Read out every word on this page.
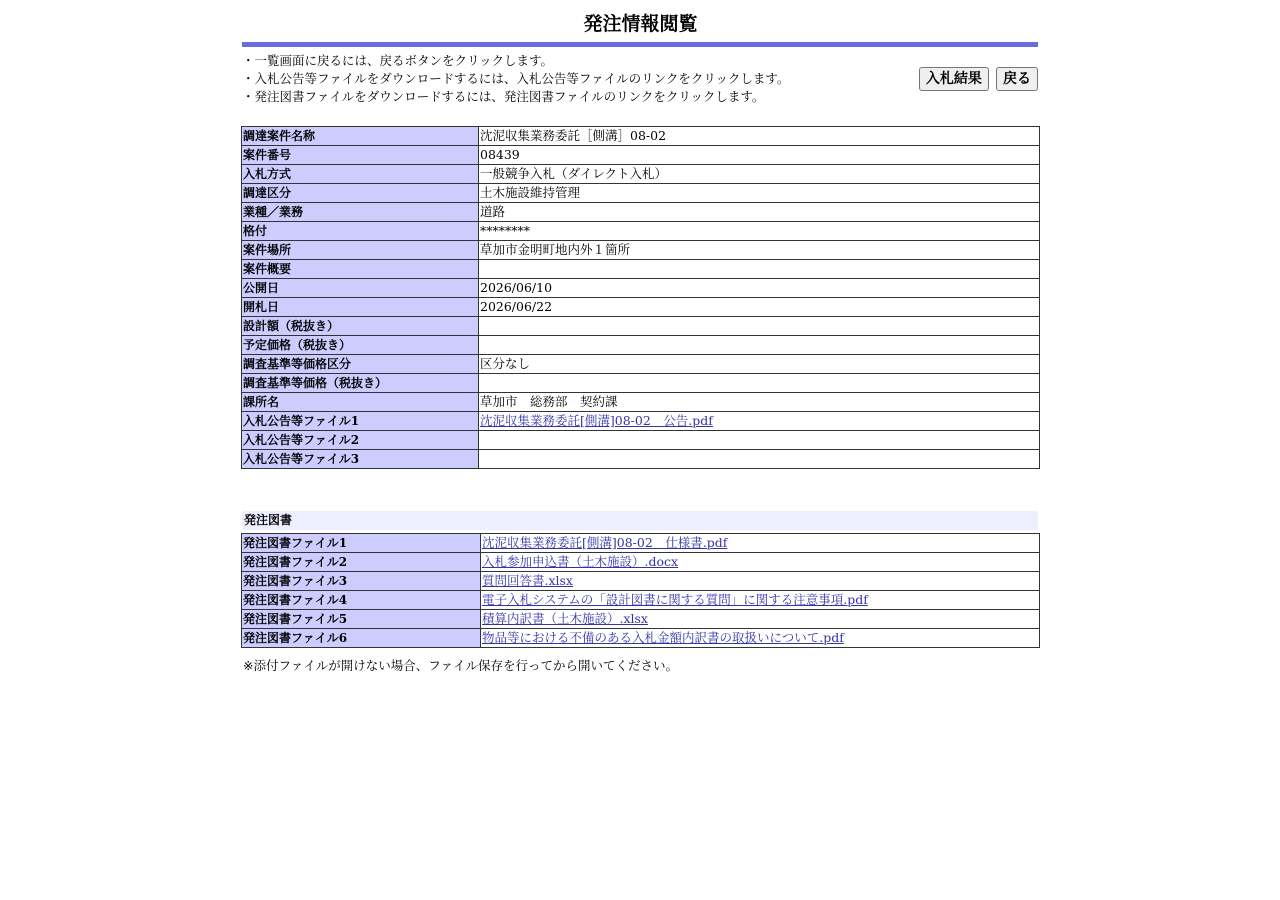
発注情報閲覧
・一覧画面に戻るには、戻るボタンをクリックします。
・入札公告等ファイルをダウンロードするには、入札公告等ファイルのリンクをクリックします。
・発注図書ファイルをダウンロードするには、発注図書ファイルのリンクをクリックします。
入札結果 戻る
調達案件名称	沈泥収集業務委託［側溝］08-02
案件番号	08439
入札方式	一般競争入札（ダイレクト入札）
調達区分	土木施設維持管理
業種／業務	道路
格付	********
案件場所	草加市金明町地内外１箇所
案件概要	
公開日	2026/06/10
開札日	2026/06/22
設計額（税抜き）	
予定価格（税抜き）	
調査基準等価格区分	区分なし
調査基準等価格（税抜き）	
課所名	草加市　総務部　契約課
入札公告等ファイル1	沈泥収集業務委託[側溝]08-02　公告.pdf
入札公告等ファイル2	
入札公告等ファイル3	
発注図書
発注図書ファイル1	沈泥収集業務委託[側溝]08-02　仕様書.pdf
発注図書ファイル2	入札参加申込書（土木施設）.docx
発注図書ファイル3	質問回答書.xlsx
発注図書ファイル4	電子入札システムの「設計図書に関する質問」に関する注意事項.pdf
発注図書ファイル5	積算内訳書（土木施設）.xlsx
発注図書ファイル6	物品等における不備のある入札金額内訳書の取扱いについて.pdf
※添付ファイルが開けない場合、ファイル保存を行ってから開いてください。
